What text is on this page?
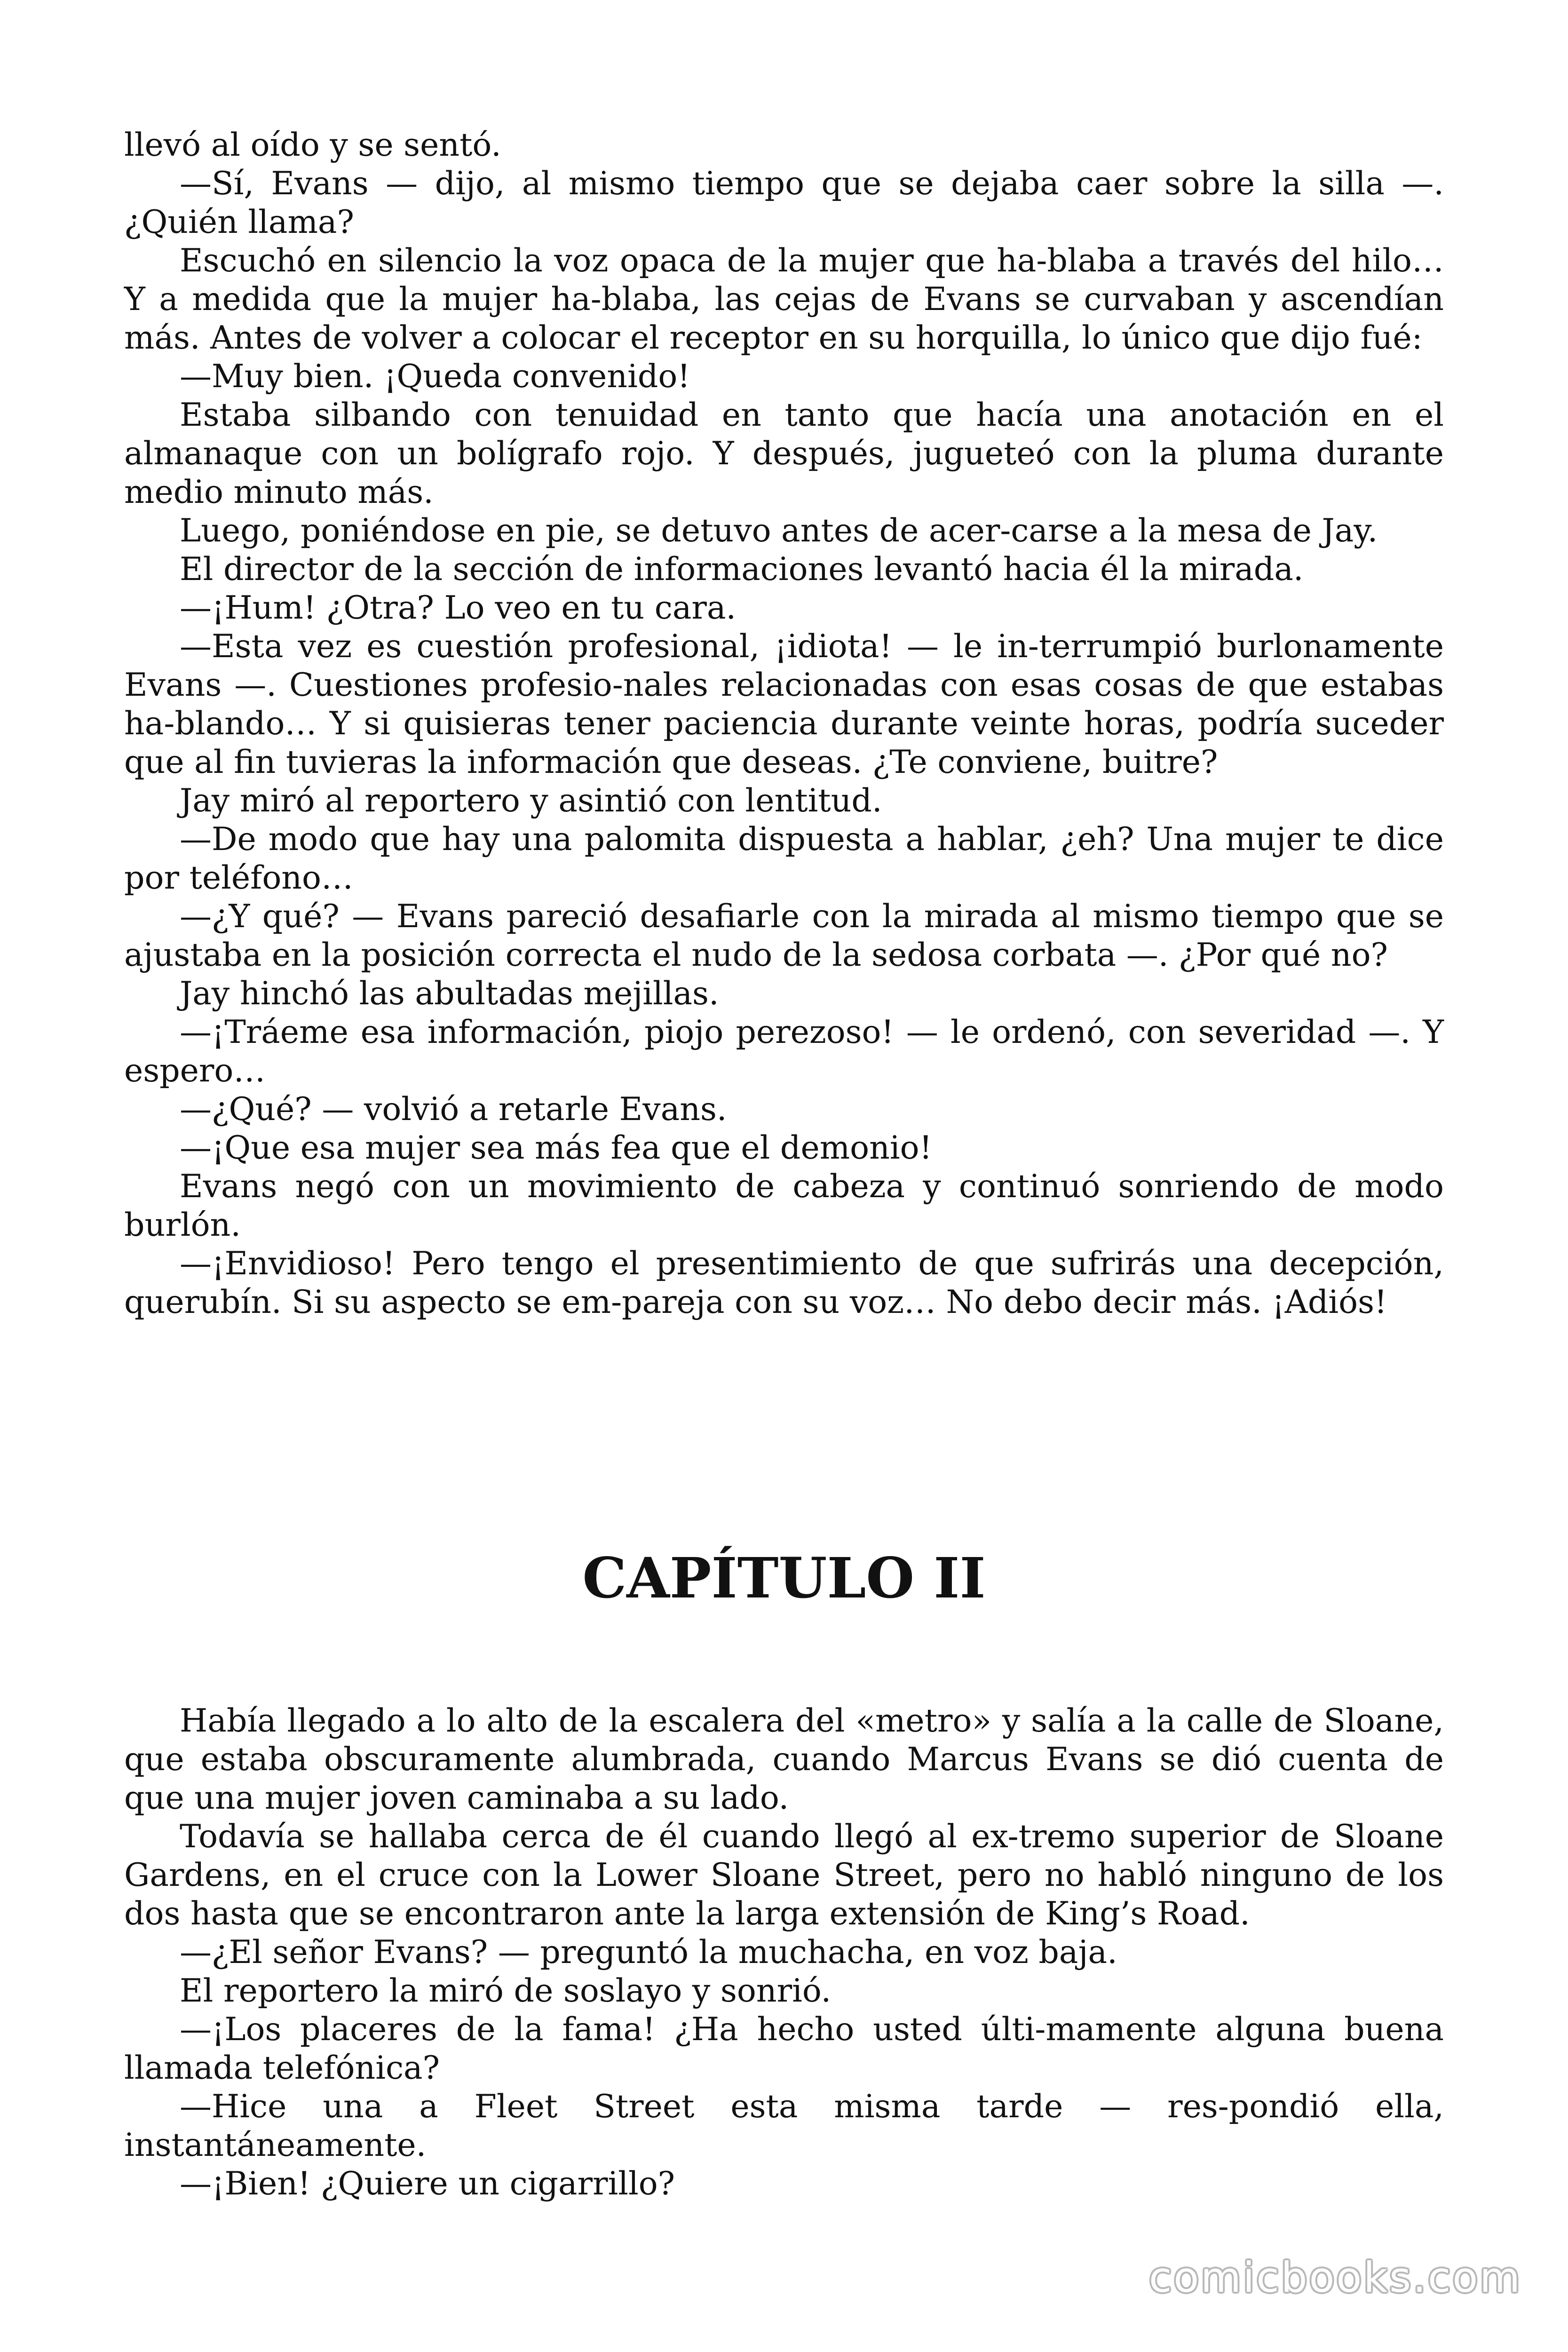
llevó al oído y se sentó.

—Sí, Evans — dijo, al mismo tiempo que se dejaba caer sobre la silla —. ¿Quién llama?

Escuchó en silencio la voz opaca de la mujer que ha-blaba a través del hilo… Y a medida que la mujer ha-blaba, las cejas de Evans se curvaban y ascendían más. Antes de volver a colocar el receptor en su horquilla, lo único que dijo fué:

—Muy bien. ¡Queda convenido!

Estaba silbando con tenuidad en tanto que hacía una anotación en el almanaque con un bolígrafo rojo. Y después, jugueteó con la pluma durante medio minuto más.

Luego, poniéndose en pie, se detuvo antes de acer-carse a la mesa de Jay.

El director de la sección de informaciones levantó hacia él la mirada.

—¡Hum! ¿Otra? Lo veo en tu cara.

—Esta vez es cuestión profesional, ¡idiota! — le in-terrumpió burlonamente Evans —. Cuestiones profesio-nales relacionadas con esas cosas de que estabas ha-blando… Y si quisieras tener paciencia durante veinte horas, podría suceder que al fin tuvieras la información que deseas. ¿Te conviene, buitre?

Jay miró al reportero y asintió con lentitud.

—De modo que hay una palomita dispuesta a hablar, ¿eh? Una mujer te dice por teléfono…

—¿Y qué? — Evans pareció desafiarle con la mirada al mismo tiempo que se ajustaba en la posición correcta el nudo de la sedosa corbata —. ¿Por qué no?

Jay hinchó las abultadas mejillas.

—¡Tráeme esa información, piojo perezoso! — le ordenó, con severidad —. Y espero…

—¿Qué? — volvió a retarle Evans.

—¡Que esa mujer sea más fea que el demonio!

Evans negó con un movimiento de cabeza y continuó sonriendo de modo burlón.

—¡Envidioso! Pero tengo el presentimiento de que sufrirás una decepción, querubín. Si su aspecto se em-pareja con su voz… No debo decir más. ¡Adiós!

CAPÍTULO II

Había llegado a lo alto de la escalera del «metro» y salía a la calle de Sloane, que estaba obscuramente alumbrada, cuando Marcus Evans se dió cuenta de que una mujer joven caminaba a su lado.

Todavía se hallaba cerca de él cuando llegó al ex-tremo superior de Sloane Gardens, en el cruce con la Lower Sloane Street, pero no habló ninguno de los dos hasta que se encontraron ante la larga extensión de King’s Road.

—¿El señor Evans? — preguntó la muchacha, en voz baja.

El reportero la miró de soslayo y sonrió.

—¡Los placeres de la fama! ¿Ha hecho usted últi-mamente alguna buena llamada telefónica?

—Hice una a Fleet Street esta misma tarde — res-pondió ella, instantáneamente.

—¡Bien! ¿Quiere un cigarrillo?

comicbooks.com
